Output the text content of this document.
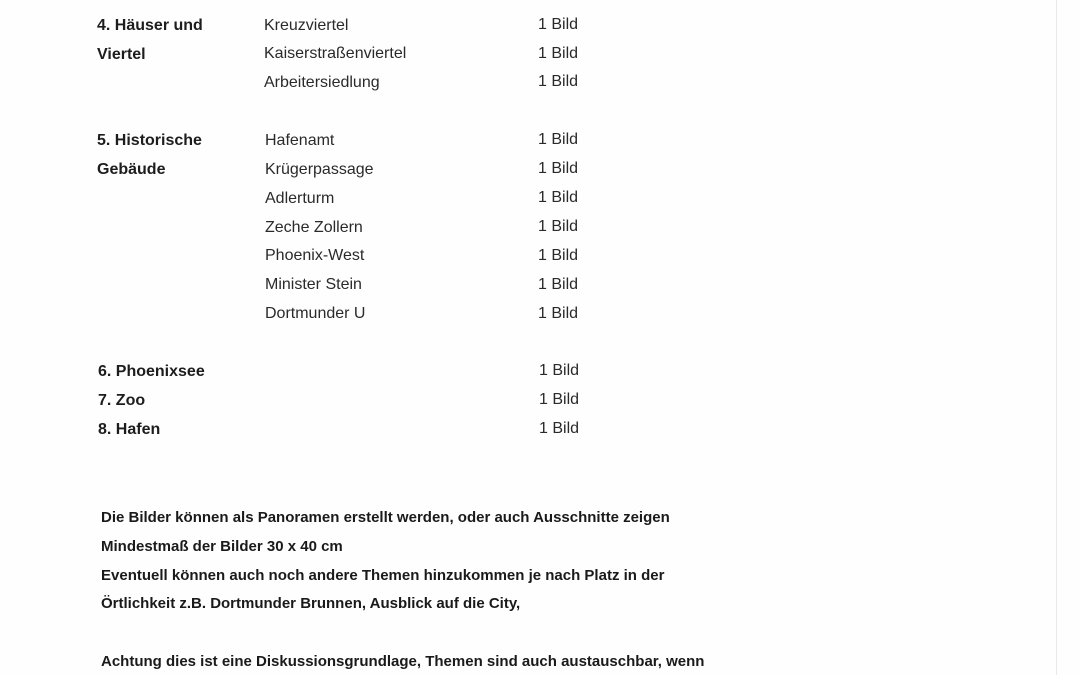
4. Häuser und
Viertel
Kreuzviertel	1 Bild
Kaiserstraßenviertel	1 Bild
Arbeitersiedlung	1 Bild
5. Historische
Gebäude
Hafenamt	1 Bild
Krügerpassage	1 Bild
Adlerturm	1 Bild
Zeche Zollern	1 Bild
Phoenix-West	1 Bild
Minister Stein	1 Bild
Dortmunder U	1 Bild
6. Phoenixsee	1 Bild
7. Zoo	1 Bild
8. Hafen	1 Bild
Die Bilder können als Panoramen erstellt werden, oder auch Ausschnitte zeigen
Mindestmaß der Bilder 30 x 40 cm
Eventuell können auch noch andere Themen hinzukommen je nach Platz in der
Örtlichkeit z.B. Dortmunder Brunnen, Ausblick auf die City,
Achtung dies ist eine Diskussionsgrundlage, Themen sind auch austauschbar, wenn
